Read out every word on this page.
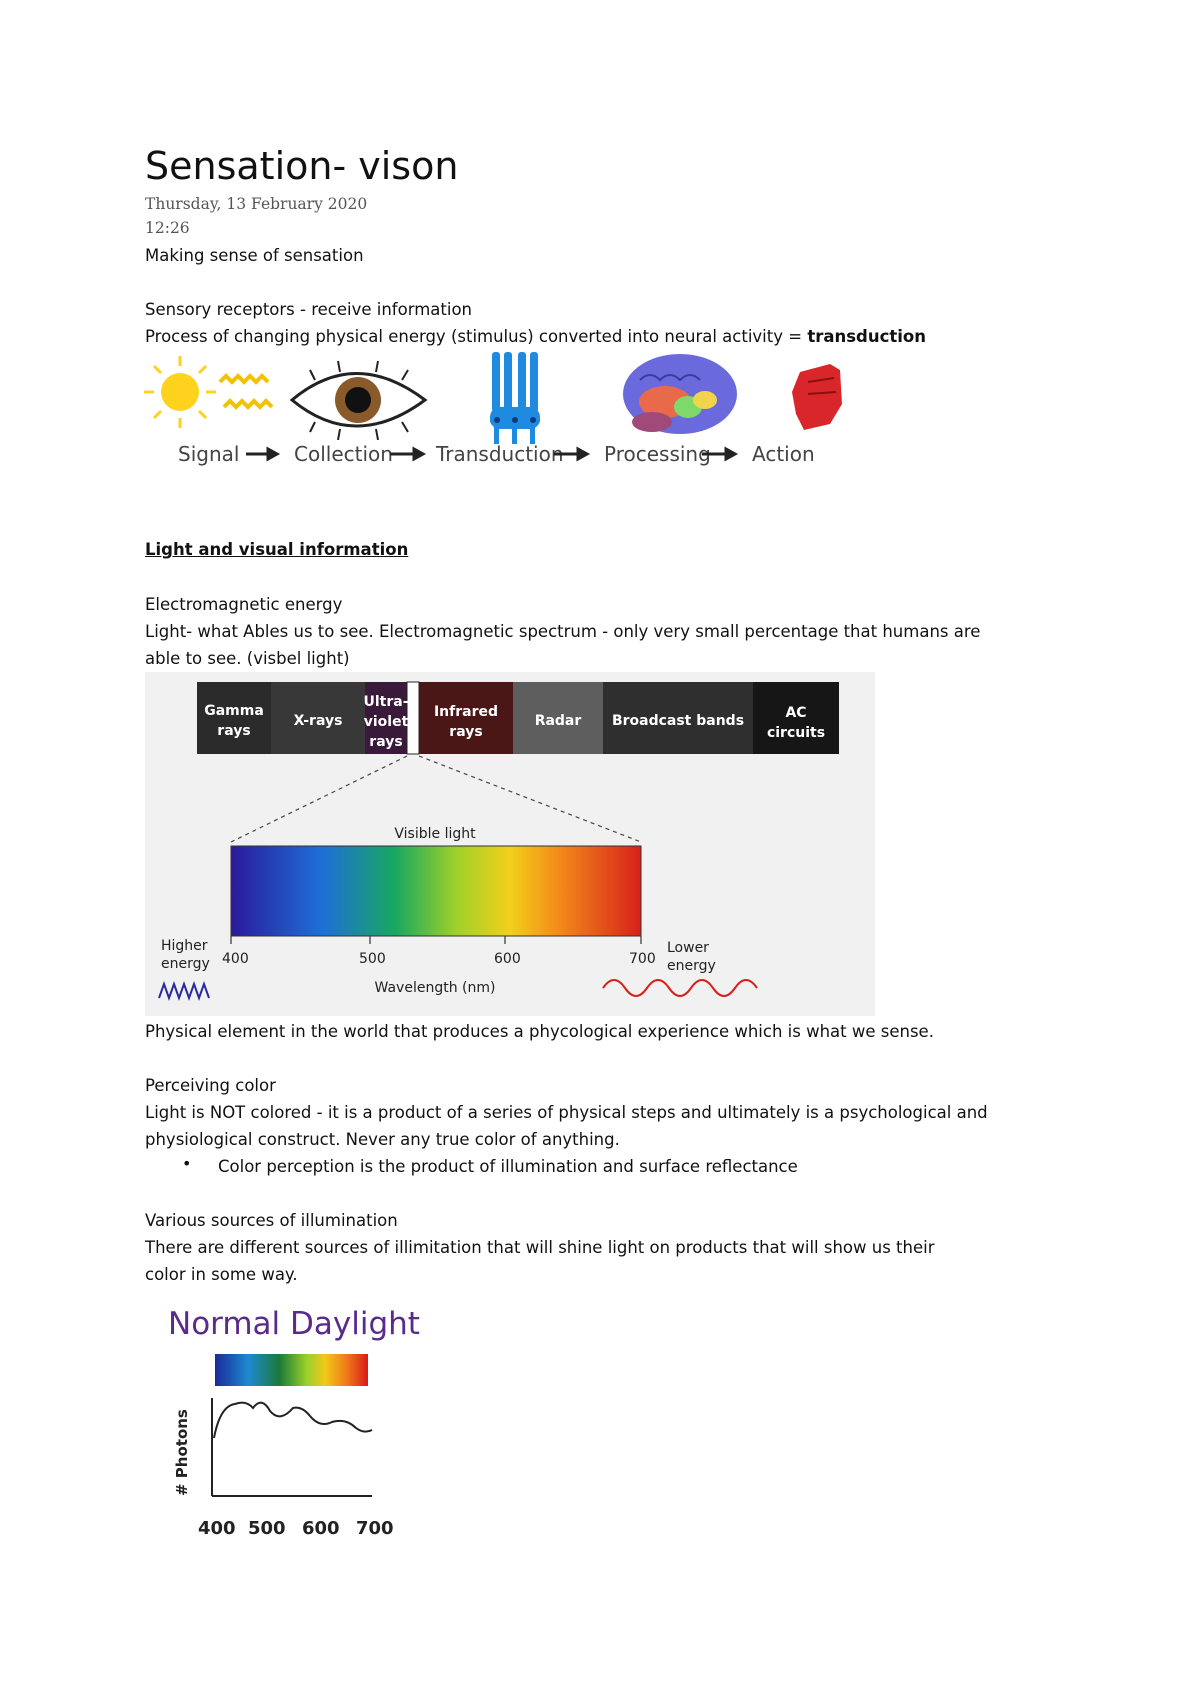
Sensation- vison
Thursday, 13 February 2020
12:26
Making sense of sensation
Sensory receptors - receive information
Process of changing physical energy (stimulus) converted into neural activity = transduction
Signal	Collection Transduction Processing Action
Light and visual information
Electromagnetic energy
Light- what Ables us to see. Electromagnetic spectrum - only very small percentage that humans are
able to see. (visbel light)
Gamma
rays
X-rays
Ultra-
violet
rays
Infrared
rays
Radar Broadcast bands	AC
circuits
Visible light
400	500	600	700
Higher
energy
Lower
energy
Wavelength (nm)
Physical element in the world that produces a phycological experience which is what we sense.
Perceiving color
Light is NOT colored - it is a product of a series of physical steps and ultimately is a psychological and
physiological construct. Never any true color of anything.
• Color perception is the product of illumination and surface reflectance
Various sources of illumination
There are different sources of illimitation that will shine light on products that will show us their
color in some way.
Normal Daylight
# Photons
400 500 600 700
